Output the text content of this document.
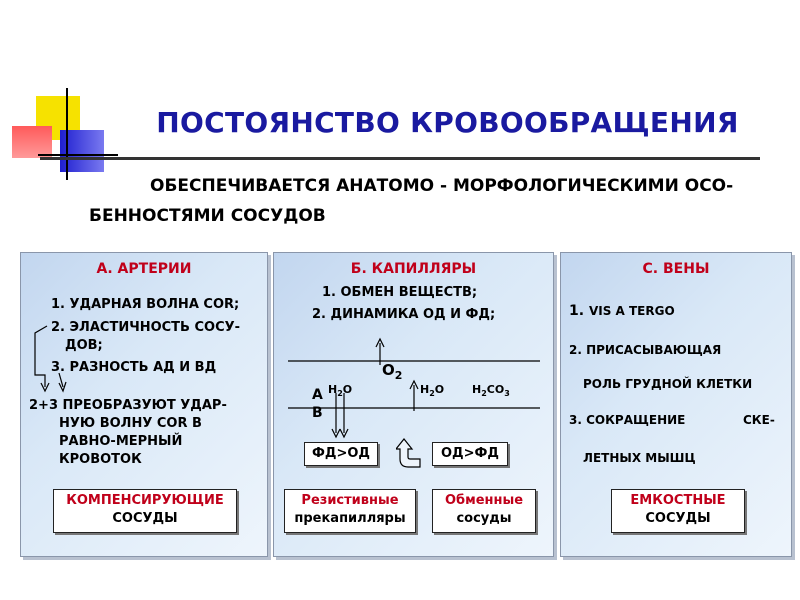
ПОСТОЯНСТВО КРОВООБРАЩЕНИЯ
ОБЕСПЕЧИВАЕТСЯ АНАТОМО - МОРФОЛОГИЧЕСКИМИ ОСО-
БЕННОСТЯМИ СОСУДОВ
А. АРТЕРИИ
1. УДАРНАЯ ВОЛНА COR;
2. ЭЛАСТИЧНОСТЬ СОСУ-
ДОВ;
3. РАЗНОСТЬ АД И ВД
2+3 ПРЕОБРАЗУЮТ УДАР-
НУЮ ВОЛНУ COR В
РАВНО-МЕРНЫЙ
КРОВОТОК
КОМПЕНСИРУЮЩИЕ
СОСУДЫ
Б. КАПИЛЛЯРЫ
1. ОБМЕН ВЕЩЕСТВ;
2. ДИНАМИКА ОД И ФД;
$O_2$
А
В
$H_2O$	$H_2O$	$H_2CO_3$
ФД>ОД	ОД>ФД
Резистивные
прекапилляры
Обменные
сосуды
С. ВЕНЫ
1. VIS A TERGO
2. ПРИСАСЫВАЮЩАЯ
РОЛЬ ГРУДНОЙ КЛЕТКИ
3. СОКРАЩЕНИЕ	СКЕ-
ЛЕТНЫХ МЫШЦ
ЕМКОСТНЫЕ
СОСУДЫ
